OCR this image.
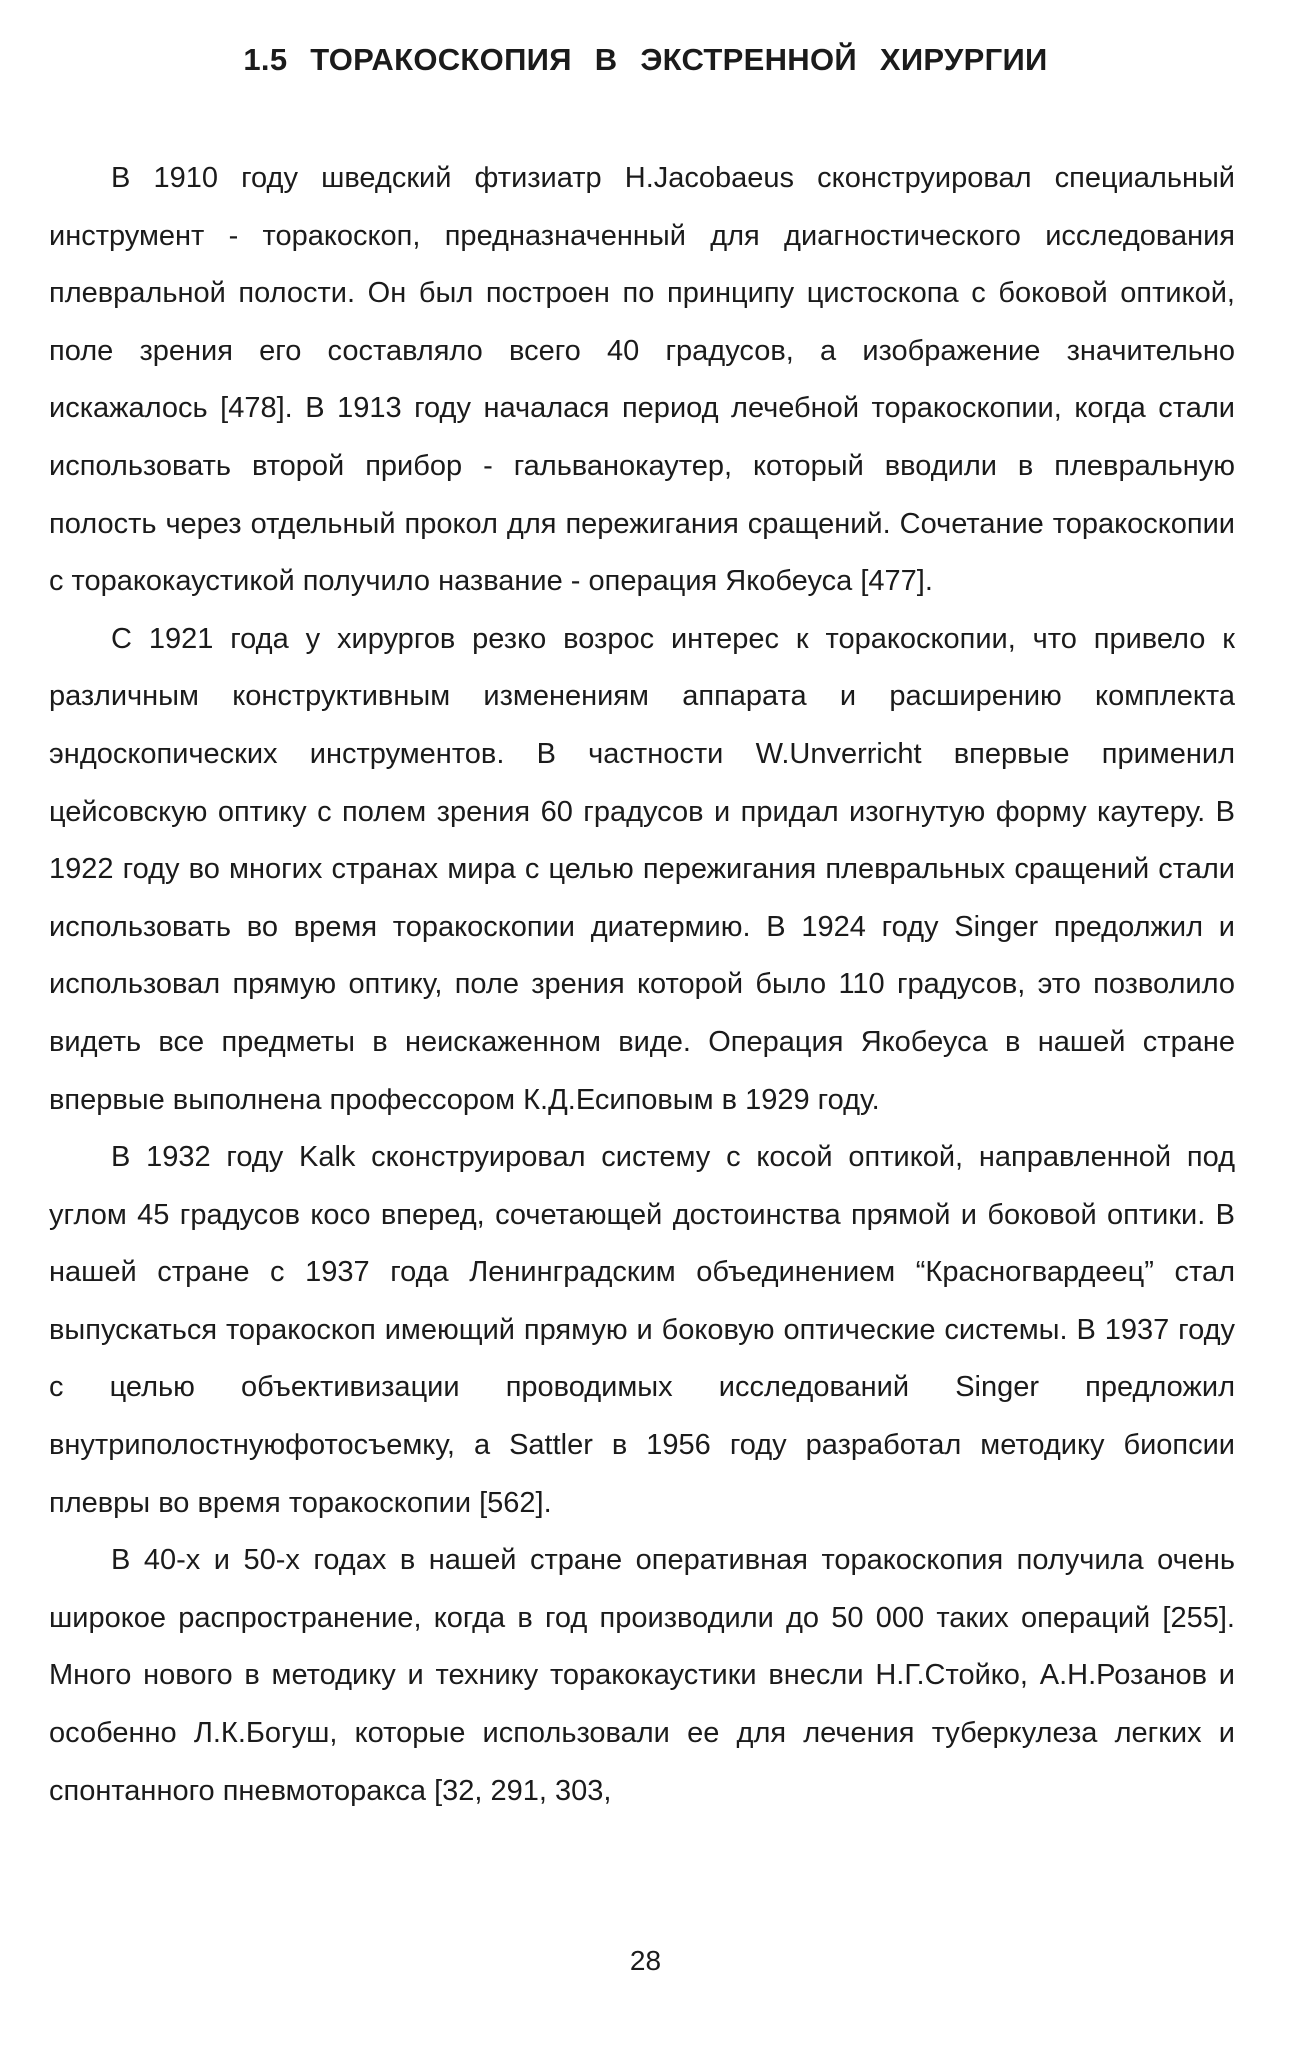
1.5 ТОРАКОСКОПИЯ В ЭКСТРЕННОЙ ХИРУРГИИ

В 1910 году шведский фтизиатр H.Jacobaeus сконструировал специальный инструмент - торакоскоп, предназначенный для диагностического исследования плевральной полости. Он был построен по принципу цистоскопа с боковой оптикой, поле зрения его составляло всего 40 градусов, а изображение значительно искажалось [478]. В 1913 году началася период лечебной торакоскопии, когда стали использовать второй прибор - гальванокаутер, который вводили в плевральную полость через отдельный прокол для пережигания сращений. Сочетание торакоскопии с торакокаустикой получило название - операция Якобеуса [477].

С 1921 года у хирургов резко возрос интерес к торакоскопии, что привело к различным конструктивным изменениям аппарата и расширению комплекта эндоскопических инструментов. В частности W.Unverricht впервые применил цейсовскую оптику с полем зрения 60 градусов и придал изогнутую форму каутеру. В 1922 году во многих странах мира с целью пережигания плевральных сращений стали использовать во время торакоскопии диатермию. В 1924 году Singer предолжил и использовал прямую оптику, поле зрения которой было 110 градусов, это позволило видеть все предметы в неискаженном виде. Операция Якобеуса в нашей стране впервые выполнена профессором К.Д.Есиповым в 1929 году.

В 1932 году Kalk сконструировал систему с косой оптикой, направленной под углом 45 градусов косо вперед, сочетающей достоинства прямой и боковой оптики. В нашей стране с 1937 года Ленинградским объединением “Красногвардеец” стал выпускаться торакоскоп имеющий прямую и боковую оптические системы. В 1937 году с целью объективизации проводимых исследований Singer предложил внутриполостнуюфотосъемку, а Sattler в 1956 году разработал методику биопсии плевры во время торакоскопии [562].

В 40-х и 50-х годах в нашей стране оперативная торакоскопия получила очень широкое распространение, когда в год производили до 50 000 таких операций [255]. Много нового в методику и технику торакокаустики внесли Н.Г.Стойко, А.Н.Розанов и особенно Л.К.Богуш, которые использовали ее для лечения туберкулеза легких и спонтанного пневмоторакса [32, 291, 303,

28
